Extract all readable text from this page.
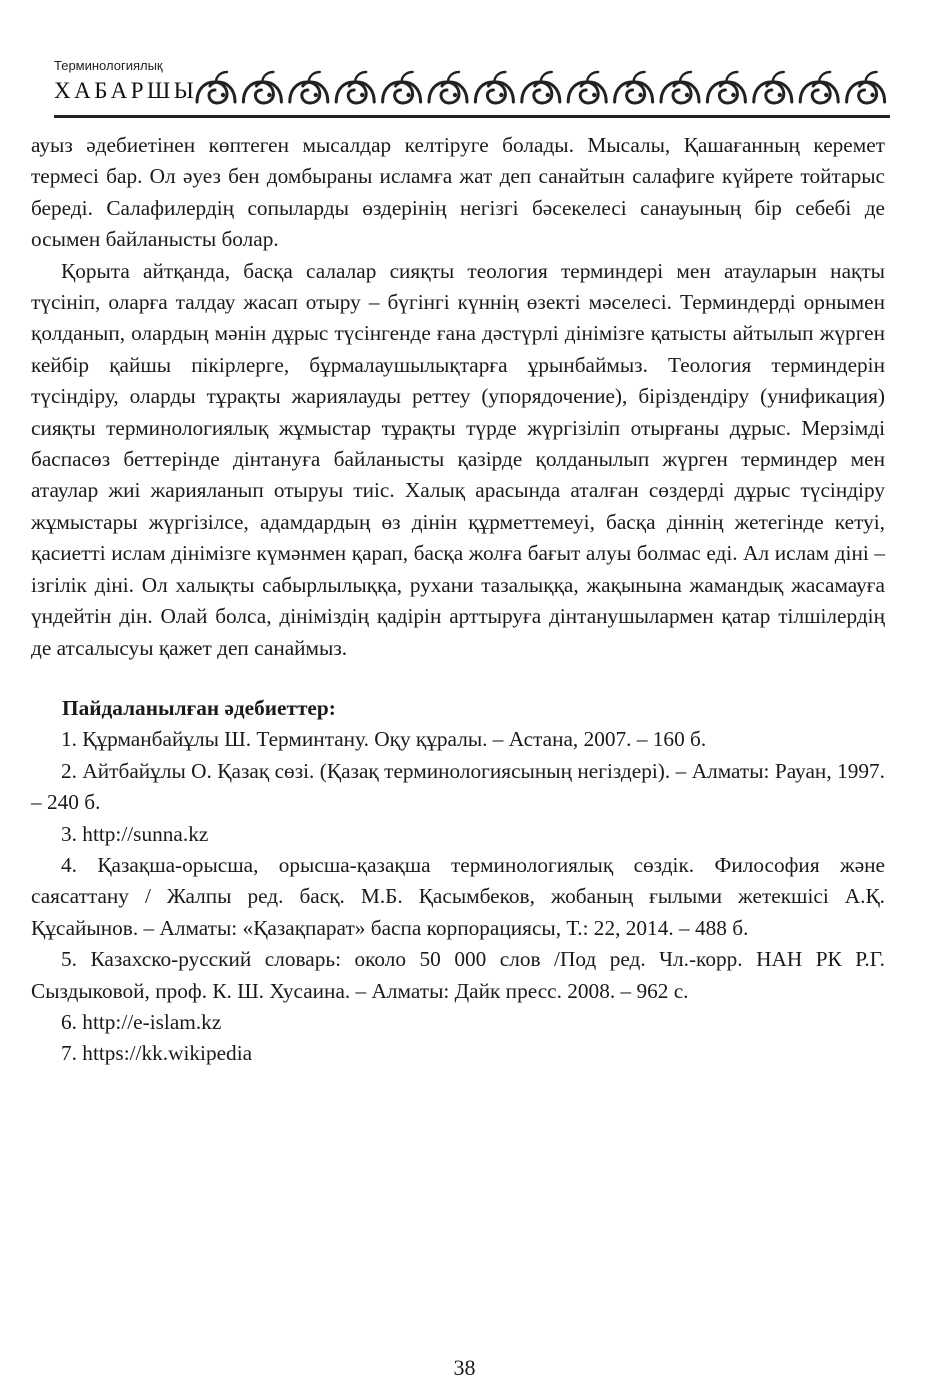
Терминологиялық
ХАБАРШЫ

ауыз әдебиетінен көптеген мысалдар келтіруге болады. Мысалы, Қашағанның керемет термесі бар. Ол әуез бен домбыраны исламға жат деп санайтын салафиге күйрете тойтарыс береді. Салафилердің сопыларды өздерінің негізгі бәсекелесі санауының бір себебі де осымен байланысты болар.

Қорыта айтқанда, басқа салалар сияқты теология терминдері мен атауларын нақты түсініп, оларға талдау жасап отыру – бүгінгі күннің өзекті мәселесі. Терминдерді орнымен қолданып, олардың мәнін дұрыс түсінгенде ғана дәстүрлі дінімізге қатысты айтылып жүрген кейбір қайшы пікірлерге, бұрмалаушылықтарға ұрынбаймыз. Теология терминдерін түсіндіру, оларды тұрақты жариялауды реттеу (упорядочение), біріздендіру (унификация) сияқты терминологиялық жұмыстар тұрақты түрде жүргізіліп отырғаны дұрыс. Мерзімді баспасөз беттерінде дінтануға байланысты қазірде қолданылып жүрген терминдер мен атаулар жиі жарияланып отыруы тиіс. Халық арасында аталған сөздерді дұрыс түсіндіру жұмыстары жүргізілсе, адамдардың өз дінін құрметтемеуі, басқа діннің жетегінде кетуі, қасиетті ислам дінімізге күмәнмен қарап, басқа жолға бағыт алуы болмас еді. Ал ислам діні – ізгілік діні. Ол халықты сабырлылыққа, рухани тазалыққа, жақынына жамандық жасамауға үндейтін дін. Олай болса, дініміздің қадірін арттыруға дінтанушылармен қатар тілшілердің де атсалысуы қажет деп санаймыз.

Пайдаланылған әдебиеттер:

1. Құрманбайұлы Ш. Терминтану. Оқу құралы. – Астана, 2007. – 160 б.

2. Айтбайұлы О. Қазақ сөзі. (Қазақ терминологиясының негіздері). – Алматы: Рауан, 1997. – 240 б.

3. http://sunna.kz

4. Қазақша-орысша, орысша-қазақша терминологиялық сөздік. Философия және саясаттану / Жалпы ред. басқ. М.Б. Қасымбеков, жобаның ғылыми жетекшісі А.Қ. Құсайынов. – Алматы: «Қазақпарат» баспа корпорациясы, Т.: 22, 2014. – 488 б.

5. Казахско-русский словарь: около 50 000 слов /Под ред. Чл.-корр. НАН РК Р.Г. Сыздыковой, проф. К. Ш. Хусаина. – Алматы: Дайк пресс. 2008. – 962 с.

6. http://e-islam.kz

7. https://kk.wikipedia

38
